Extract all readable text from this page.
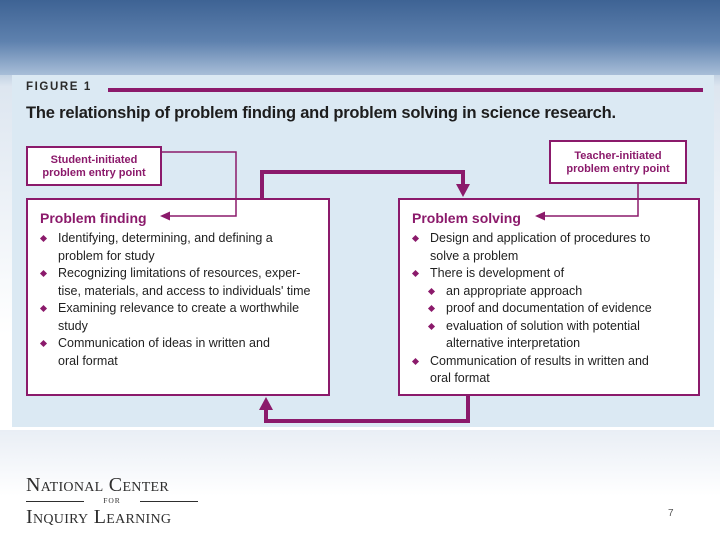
FIGURE 1
The relationship of problem finding and problem solving in science research.
Student-initiated
problem entry point
Teacher-initiated
problem entry point
Problem finding
Identifying, determining, and defining a
problem for study
Recognizing limitations of resources, exper-
tise, materials, and access to individuals' time
Examining relevance to create a worthwhile
study
Communication of ideas in written and
oral format
Problem solving
Design and application of procedures to
solve a problem
There is development of
an appropriate approach
proof and documentation of evidence
evaluation of solution with potential
alternative interpretation
Communication of results in written and
oral format
National Center
FOR
Inquiry Learning	7
